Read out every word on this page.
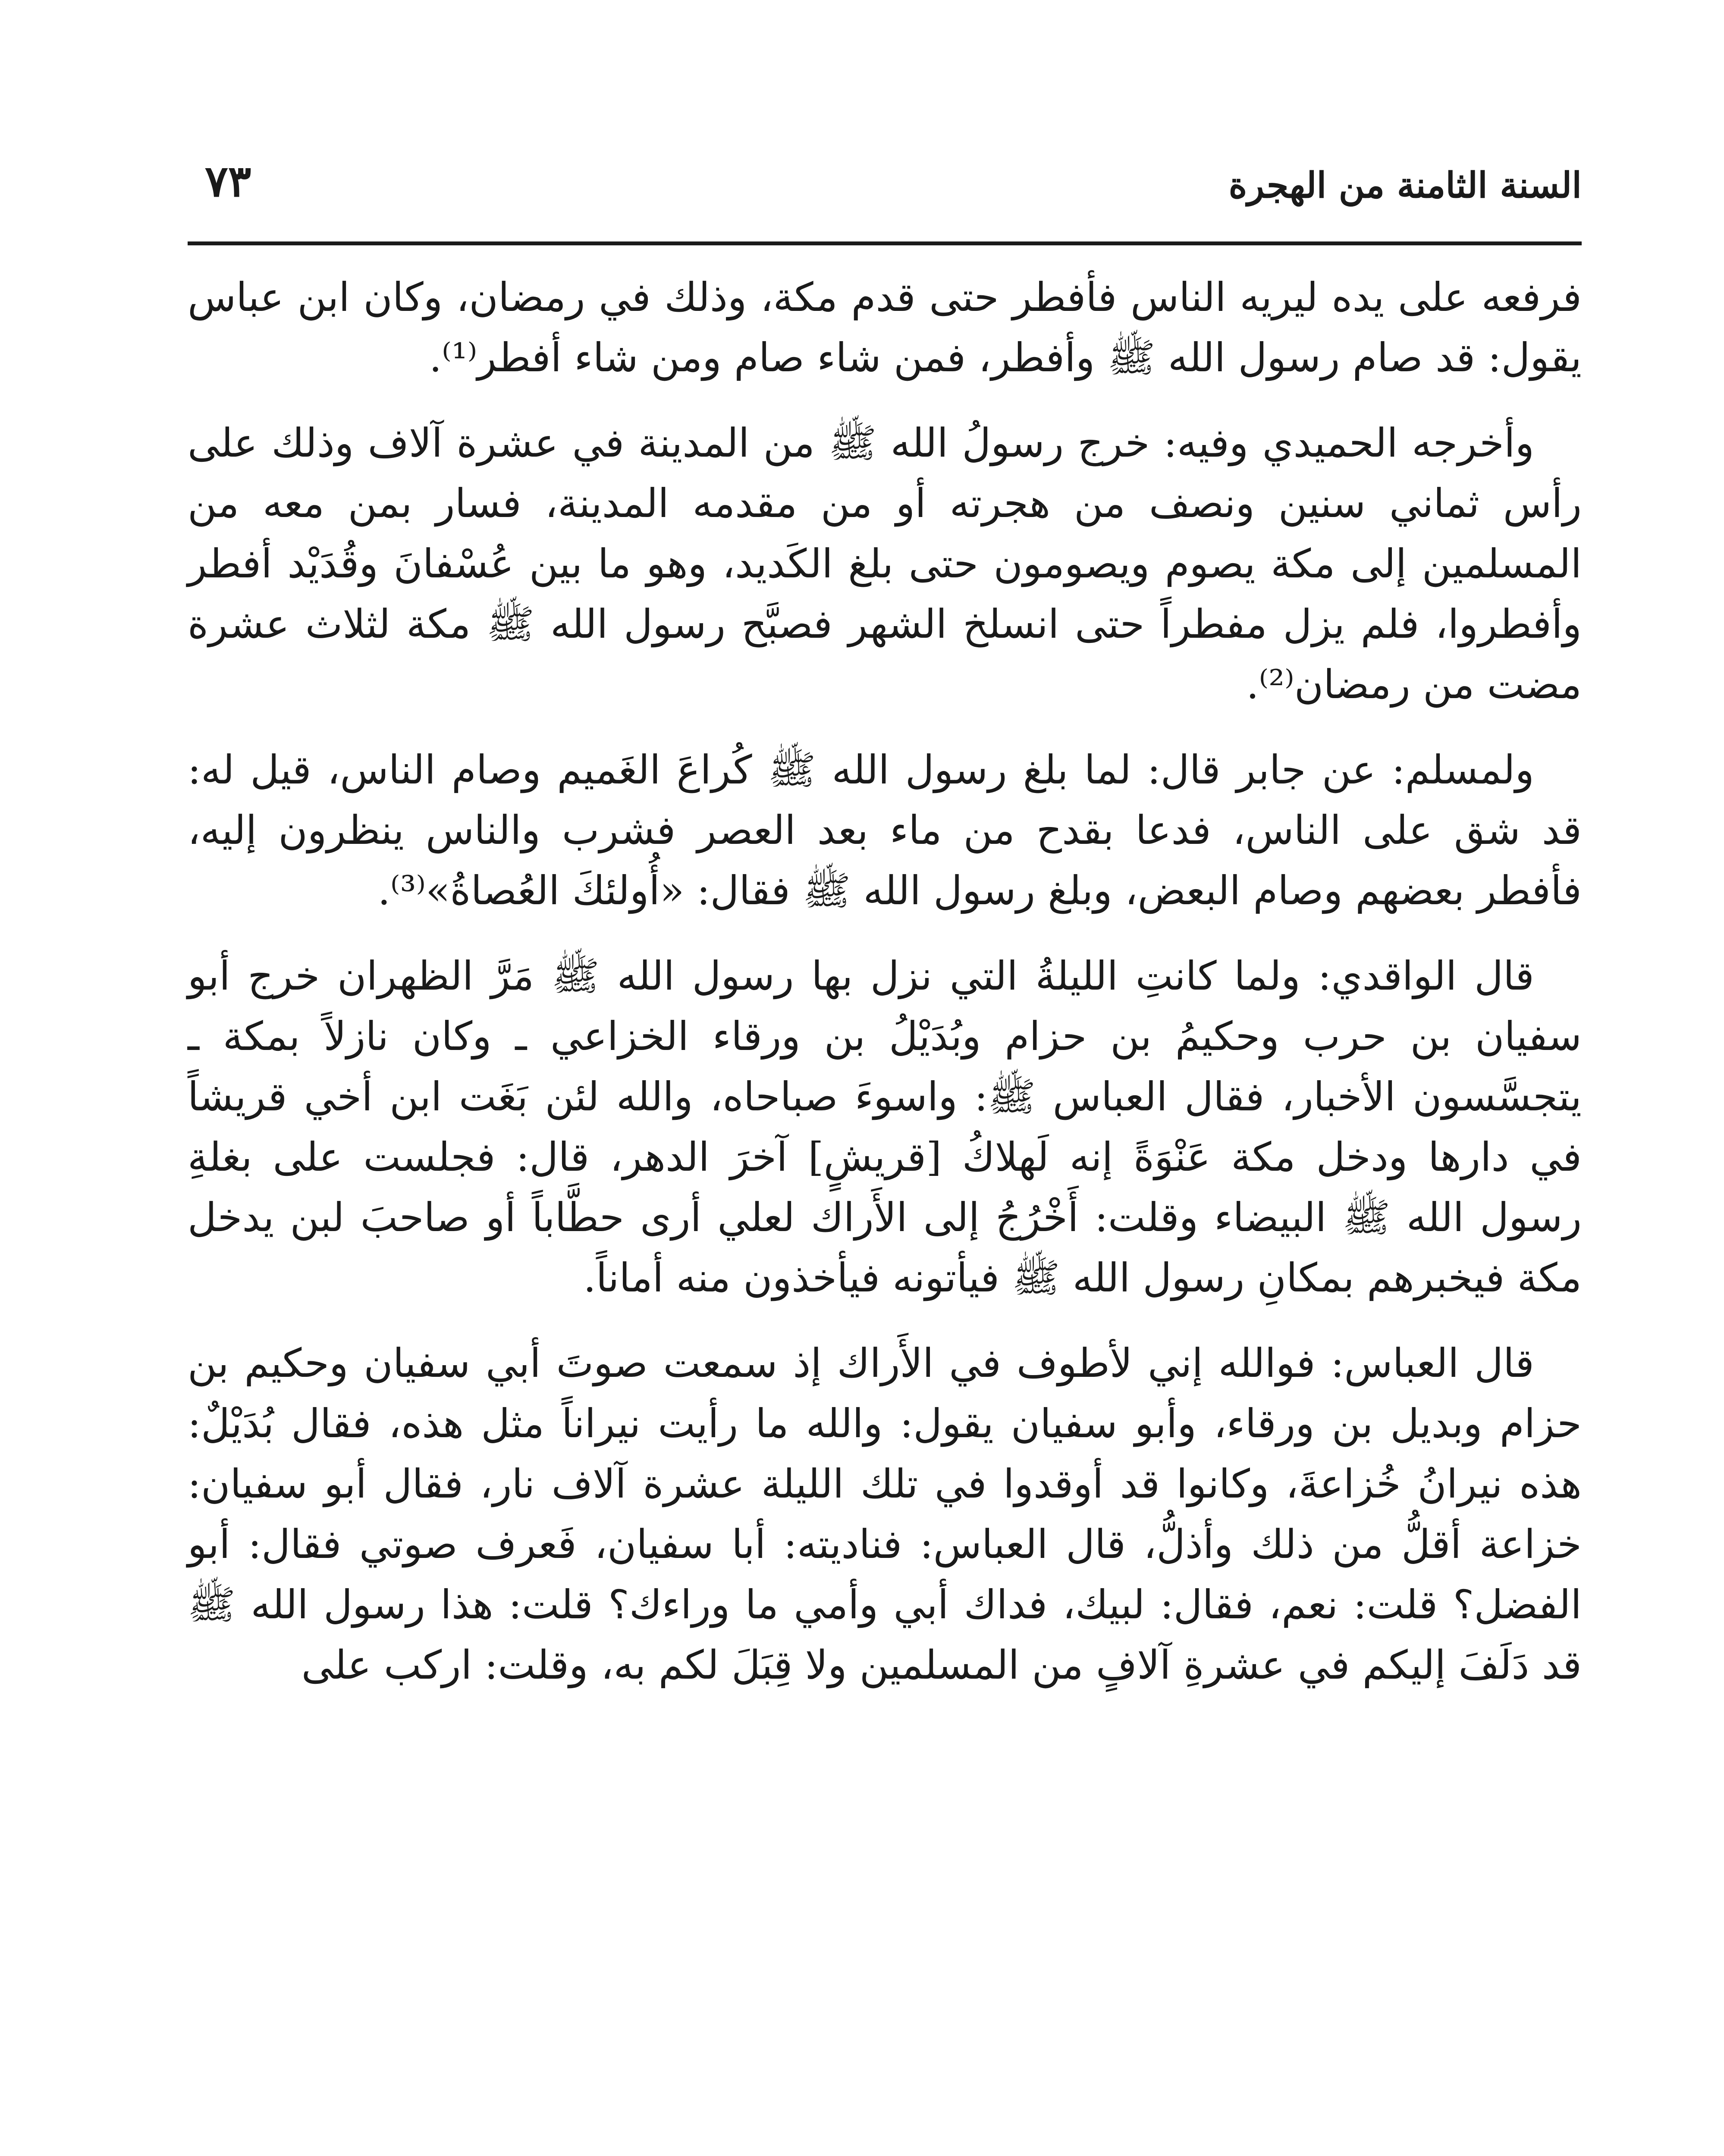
السنة الثامنة من الهجرة
٧٣

فرفعه على يده ليريه الناس فأفطر حتى قدم مكة، وذلك في رمضان، وكان ابن عباس يقول: قد صام رسول الله ﷺ وأفطر، فمن شاء صام ومن شاء أفطر⁽¹⁾.

وأخرجه الحميدي وفيه: خرج رسولُ الله ﷺ من المدينة في عشرة آلاف وذلك على رأس ثماني سنين ونصف من هجرته أو من مقدمه المدينة، فسار بمن معه من المسلمين إلى مكة يصوم ويصومون حتى بلغ الكَديد، وهو ما بين عُسْفانَ وقُدَيْد أفطر وأفطروا، فلم يزل مفطراً حتى انسلخ الشهر فصبَّح رسول الله ﷺ مكة لثلاث عشرة مضت من رمضان⁽²⁾.

ولمسلم: عن جابر قال: لما بلغ رسول الله ﷺ كُراعَ الغَميم وصام الناس، قيل له: قد شق على الناس، فدعا بقدح من ماء بعد العصر فشرب والناس ينظرون إليه، فأفطر بعضهم وصام البعض، وبلغ رسول الله ﷺ فقال: «أُولئكَ العُصاةُ»⁽³⁾.

قال الواقدي: ولما كانتِ الليلةُ التي نزل بها رسول الله ﷺ مَرَّ الظهران خرج أبو سفيان بن حرب وحكيمُ بن حزام وبُدَيْلُ بن ورقاء الخزاعي ـ وكان نازلاً بمكة ـ يتجسَّسون الأخبار، فقال العباس ﷺ: واسوءَ صباحاه، والله لئن بَغَت ابن أخي قريشاً في دارها ودخل مكة عَنْوَةً إنه لَهلاكُ [قريشٍ] آخرَ الدهر، قال: فجلست على بغلةِ رسول الله ﷺ البيضاء وقلت: أَخْرُجُ إلى الأَراك لعلي أرى حطَّاباً أو صاحبَ لبن يدخل مكة فيخبرهم بمكانِ رسول الله ﷺ فيأتونه فيأخذون منه أماناً.

قال العباس: فوالله إني لأطوف في الأَراك إذ سمعت صوتَ أبي سفيان وحكيم بن حزام وبديل بن ورقاء، وأبو سفيان يقول: والله ما رأيت نيراناً مثل هذه، فقال بُدَيْلٌ: هذه نيرانُ خُزاعةَ، وكانوا قد أوقدوا في تلك الليلة عشرة آلاف نار، فقال أبو سفيان: خزاعة أقلُّ من ذلك وأذلُّ، قال العباس: فناديته: أبا سفيان، فَعرف صوتي فقال: أبو الفضل؟ قلت: نعم، فقال: لبيك، فداك أبي وأمي ما وراءك؟ قلت: هذا رسول الله ﷺ قد دَلَفَ إليكم في عشرةِ آلافٍ من المسلمين ولا قِبَلَ لكم به، وقلت: اركب على
